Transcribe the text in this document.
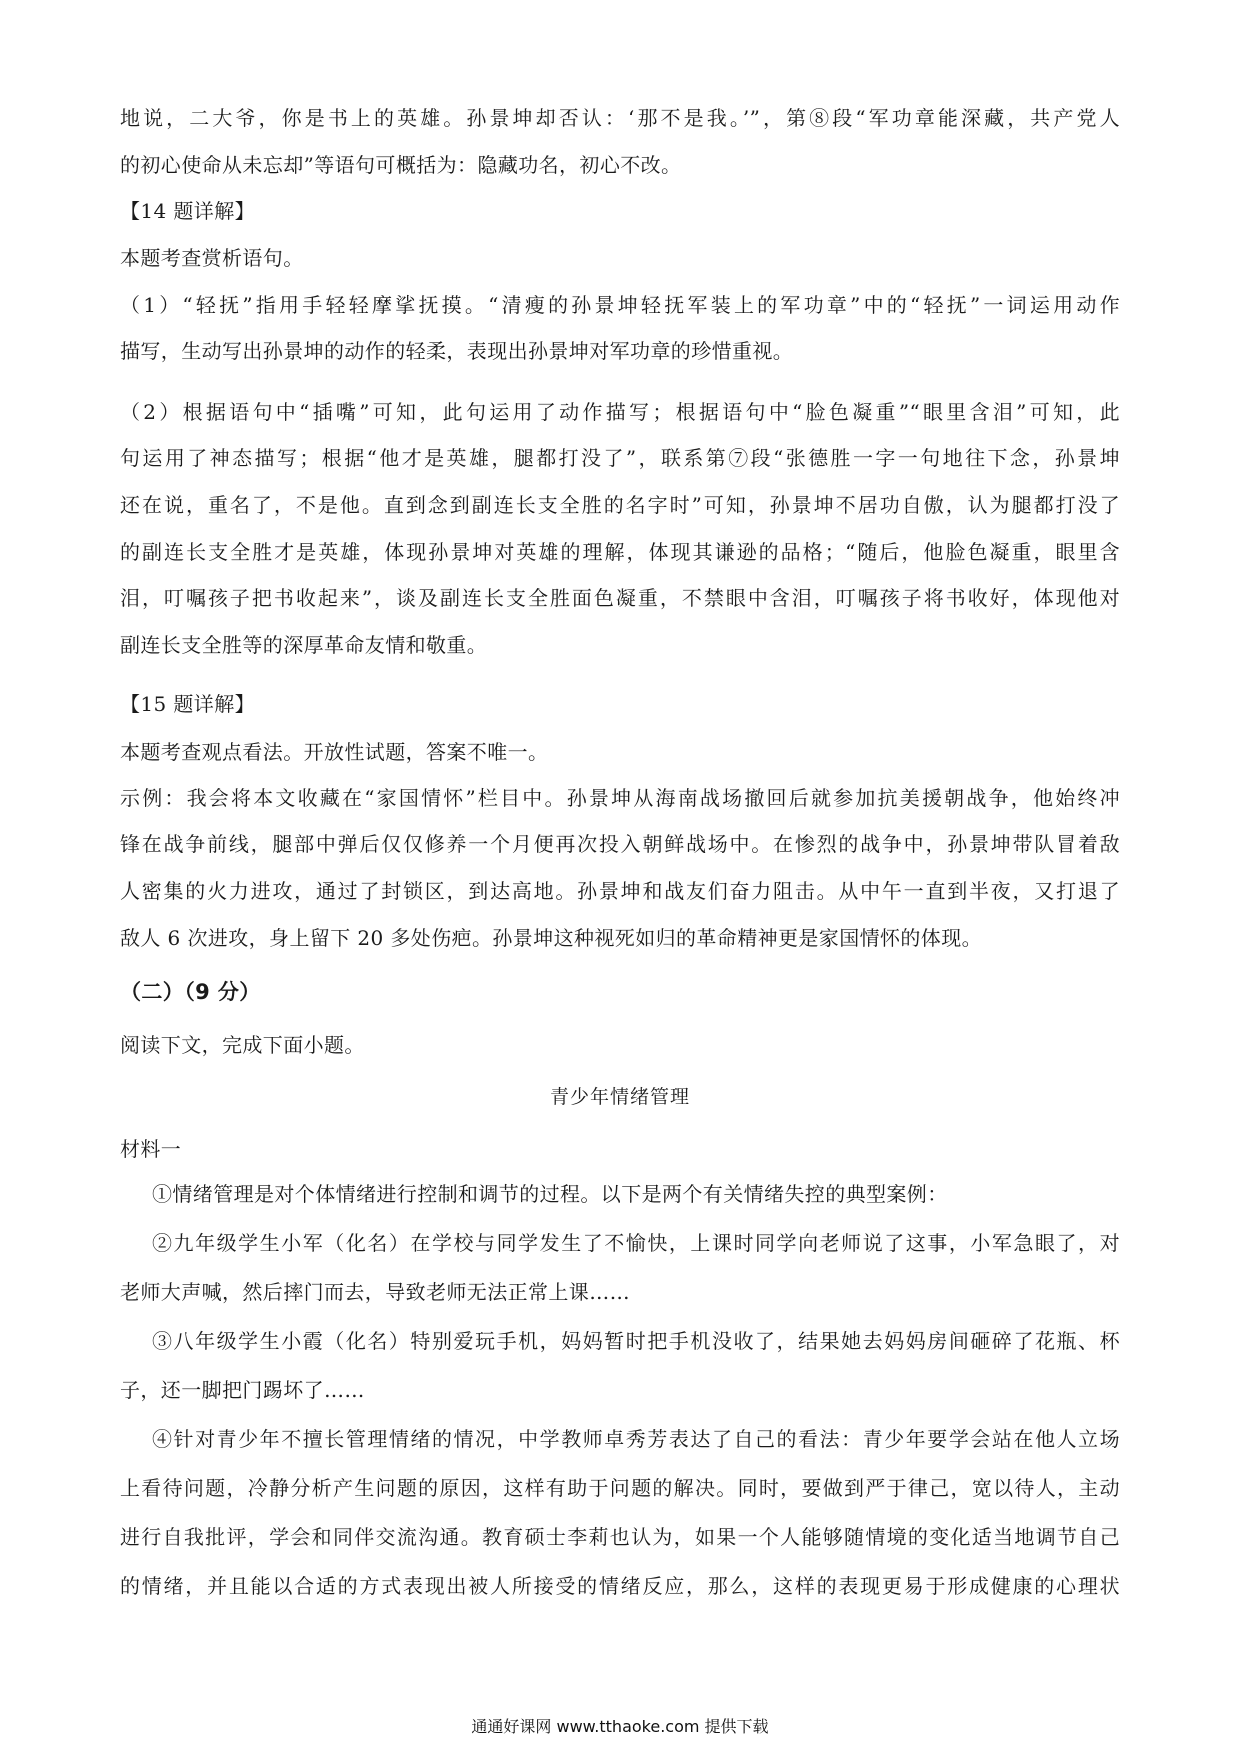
地说，二大爷，你是书上的英雄。孙景坤却否认：‘那不是我。’”，第⑧段“军功章能深藏，共产党人
的初心使命从未忘却”等语句可概括为：隐藏功名，初心不改。
【14 题详解】
本题考查赏析语句。
（1）“轻抚”指用手轻轻摩挲抚摸。“清瘦的孙景坤轻抚军装上的军功章”中的“轻抚”一词运用动作
描写，生动写出孙景坤的动作的轻柔，表现出孙景坤对军功章的珍惜重视。
（2）根据语句中“插嘴”可知，此句运用了动作描写；根据语句中“脸色凝重”“眼里含泪”可知，此
句运用了神态描写；根据“他才是英雄，腿都打没了”，联系第⑦段“张德胜一字一句地往下念，孙景坤
还在说，重名了，不是他。直到念到副连长支全胜的名字时”可知，孙景坤不居功自傲，认为腿都打没了
的副连长支全胜才是英雄，体现孙景坤对英雄的理解，体现其谦逊的品格；“随后，他脸色凝重，眼里含
泪，叮嘱孩子把书收起来”，谈及副连长支全胜面色凝重，不禁眼中含泪，叮嘱孩子将书收好，体现他对
副连长支全胜等的深厚革命友情和敬重。
【15 题详解】
本题考查观点看法。开放性试题，答案不唯一。
示例：我会将本文收藏在“家国情怀”栏目中。孙景坤从海南战场撤回后就参加抗美援朝战争，他始终冲
锋在战争前线，腿部中弹后仅仅修养一个月便再次投入朝鲜战场中。在惨烈的战争中，孙景坤带队冒着敌
人密集的火力进攻，通过了封锁区，到达高地。孙景坤和战友们奋力阻击。从中午一直到半夜，又打退了
敌人 6 次进攻，身上留下 20 多处伤疤。孙景坤这种视死如归的革命精神更是家国情怀的体现。
（二）（9 分）
阅读下文，完成下面小题。
青少年情绪管理
材料一
①情绪管理是对个体情绪进行控制和调节的过程。以下是两个有关情绪失控的典型案例：
②九年级学生小军（化名）在学校与同学发生了不愉快，上课时同学向老师说了这事，小军急眼了，对
老师大声喊，然后摔门而去，导致老师无法正常上课……
③八年级学生小霞（化名）特别爱玩手机，妈妈暂时把手机没收了，结果她去妈妈房间砸碎了花瓶、杯
子，还一脚把门踢坏了……
④针对青少年不擅长管理情绪的情况，中学教师卓秀芳表达了自己的看法：青少年要学会站在他人立场
上看待问题，冷静分析产生问题的原因，这样有助于问题的解决。同时，要做到严于律己，宽以待人，主动
进行自我批评，学会和同伴交流沟通。教育硕士李莉也认为，如果一个人能够随情境的变化适当地调节自己
的情绪，并且能以合适的方式表现出被人所接受的情绪反应，那么，这样的表现更易于形成健康的心理状
通通好课网 www.tthaoke.com 提供下载
